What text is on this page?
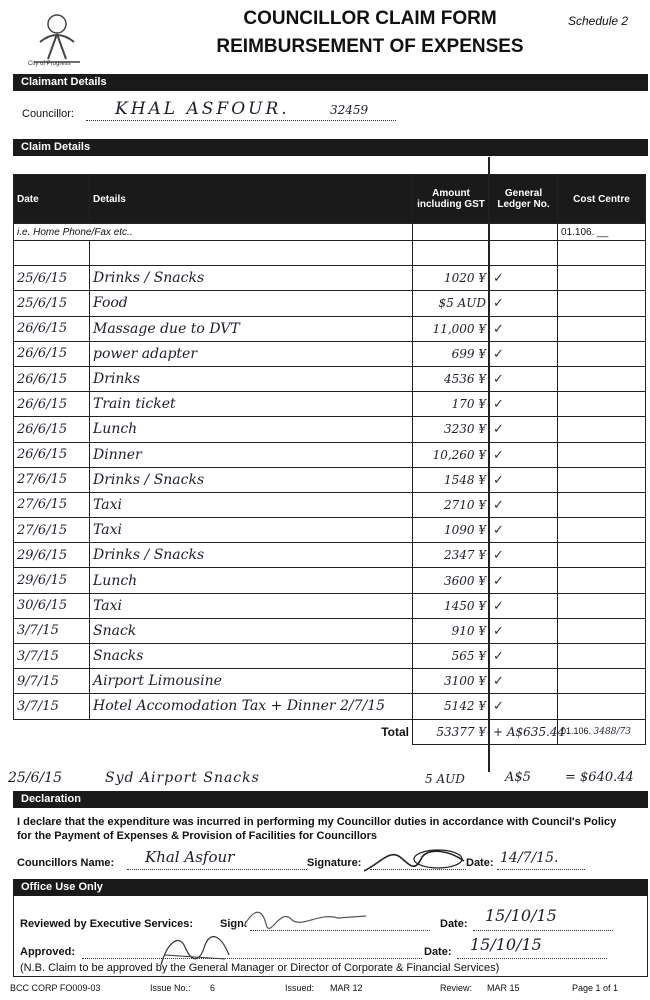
City of Progress
COUNCILLOR CLAIM FORM
REIMBURSEMENT OF EXPENSES
Schedule 2
Claimant Details
Councillor: KHAL ASFOUR.	32459
Claim Details
Date	Details	Amount including GST	General Ledger No.	Cost Centre
i.e. Home Phone/Fax etc..				01.106. __

25/6/15	Drinks / Snacks	1020 ¥	✓	
25/6/15	Food	$5 AUD	✓	
26/6/15	Massage due to DVT	11,000 ¥	✓	
26/6/15	power adapter	699 ¥	✓	
26/6/15	Drinks	4536 ¥	✓	
26/6/15	Train ticket	170 ¥	✓	
26/6/15	Lunch	3230 ¥	✓	
26/6/15	Dinner	10,260 ¥	✓	
27/6/15	Drinks / Snacks	1548 ¥	✓	
27/6/15	Taxi	2710 ¥	✓	
27/6/15	Taxi	1090 ¥	✓	
29/6/15	Drinks / Snacks	2347 ¥	✓	
29/6/15	Lunch	3600 ¥	✓	
30/6/15	Taxi	1450 ¥	✓	
3/7/15	Snack	910 ¥	✓	
3/7/15	Snacks	565 ¥	✓	
9/7/15	Airport Limousine	3100 ¥	✓	
3/7/15	Hotel Accomodation Tax + Dinner 2/7/15	5142 ¥	✓	
	Total	53377 ¥	+ A$635.44	01.106. 3488/73
25/6/15	Syd Airport Snacks	5 AUD	A$5	= $640.44
Declaration
I declare that the expenditure was incurred in performing my Councillor duties in accordance with Council's Policy for the Payment of Expenses & Provision of Facilities for Councillors
Councillors Name: Khal Asfour	Signature:	Date: 14/7/15.
Office Use Only
Reviewed by Executive Services: Sign:	Date: 15/10/15
Approved:	Date: 15/10/15
(N.B. Claim to be approved by the General Manager or Director of Corporate & Financial Services)
BCC CORP FO009-03	Issue No.: 6	Issued: MAR 12	Review: MAR 15	Page 1 of 1
